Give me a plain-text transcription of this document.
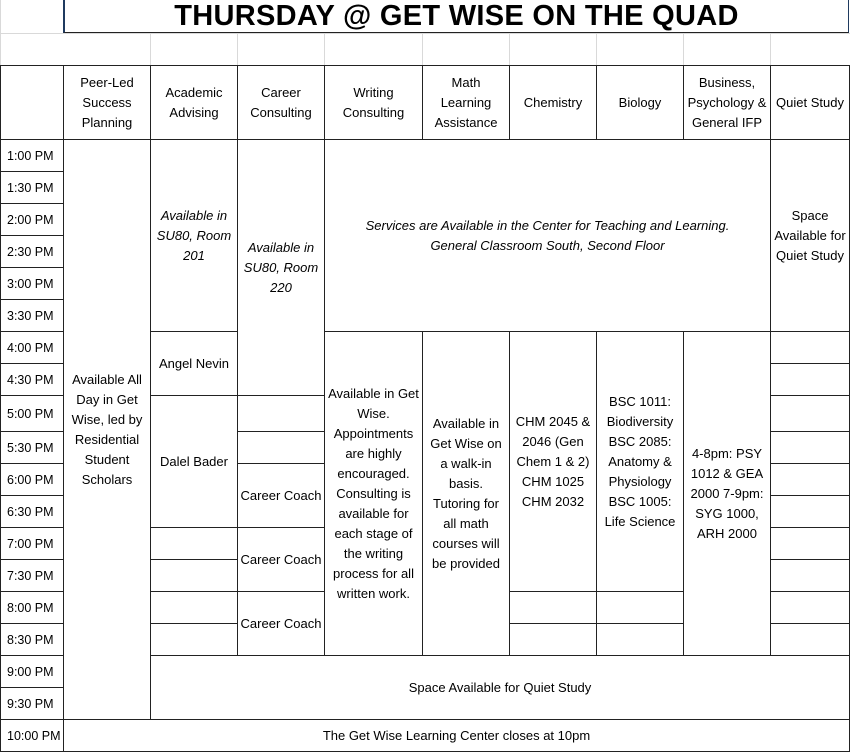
THURSDAY @ GET WISE ON THE QUAD
Peer-Led Success Planning
Academic Advising
Career Consulting
Writing Consulting
Math Learning Assistance
Chemistry	Biology
Business, Psychology & General IFP
Quiet Study
1:00 PM
1:30 PM
2:00 PM
2:30 PM
3:00 PM
3:30 PM
4:00 PM
4:30 PM
5:00 PM
5:30 PM
6:00 PM
6:30 PM
7:00 PM
7:30 PM
8:00 PM
8:30 PM
9:00 PM
9:30 PM
10:00 PM
Available All Day in Get Wise, led by Residential Student Scholars
Available in SU80, Room 201
Angel Nevin
Dalel Bader
Available in SU80, Room 220
Career Coach
Career Coach
Career Coach
Services are Available in the Center for Teaching and Learning. General Classroom South, Second Floor
Space Available for Quiet Study
Available in Get Wise. Appointments are highly encouraged. Consulting is available for each stage of the writing process for all written work.
Available in Get Wise on a walk-in basis. Tutoring for all math courses will be provided
CHM 2045 & 2046 (Gen Chem 1 & 2) CHM 1025 CHM 2032
BSC 1011: Biodiversity BSC 2085: Anatomy & Physiology BSC 1005: Life Science
4-8pm: PSY 1012 & GEA 2000 7-9pm: SYG 1000, ARH 2000
Space Available for Quiet Study
The Get Wise Learning Center closes at 10pm
